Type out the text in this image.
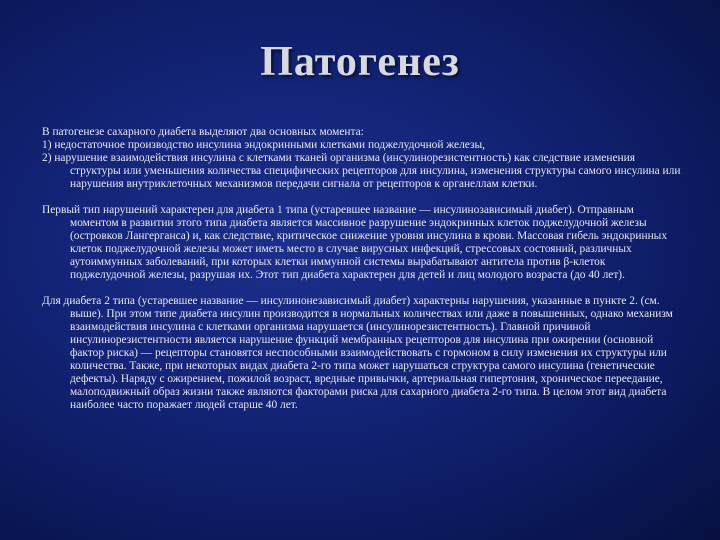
Патогенез

В патогенезе сахарного диабета выделяют два основных момента:

1) недостаточное производство инсулина эндокринными клетками поджелудочной железы,

2) нарушение взаимодействия инсулина с клетками тканей организма (инсулинорезистентность) как следствие изменения структуры или уменьшения количества специфических рецепторов для инсулина, изменения структуры самого инсулина или нарушения внутриклеточных механизмов передачи сигнала от рецепторов к органеллам клетки.

Первый тип нарушений характерен для диабета 1 типа (устаревшее название — инсулинозависимый диабет). Отправным моментом в развитии этого типа диабета является массивное разрушение эндокринных клеток поджелудочной железы (островков Лангерганса) и, как следствие, критическое снижение уровня инсулина в крови. Массовая гибель эндокринных клеток поджелудочной железы может иметь место в случае вирусных инфекций, стрессовых состояний, различных аутоиммунных заболеваний, при которых клетки иммунной системы вырабатывают антитела против β-клеток поджелудочной железы, разрушая их. Этот тип диабета характерен для детей и лиц молодого возраста (до 40 лет).

Для диабета 2 типа (устаревшее название — инсулинонезависимый диабет) характерны нарушения, указанные в пункте 2. (см. выше). При этом типе диабета инсулин производится в нормальных количествах или даже в повышенных, однако механизм взаимодействия инсулина с клетками организма нарушается (инсулинорезистентность). Главной причиной инсулинорезистентности является нарушение функций мембранных рецепторов для инсулина при ожирении (основной фактор риска) — рецепторы становятся неспособными взаимодействовать с гормоном в силу изменения их структуры или количества. Также, при некоторых видах диабета 2-го типа может нарушаться структура самого инсулина (генетические дефекты). Наряду с ожирением, пожилой возраст, вредные привычки, артериальная гипертония, хроническое переедание, малоподвижный образ жизни также являются факторами риска для сахарного диабета 2-го типа. В целом этот вид диабета наиболее часто поражает людей старше 40 лет.
